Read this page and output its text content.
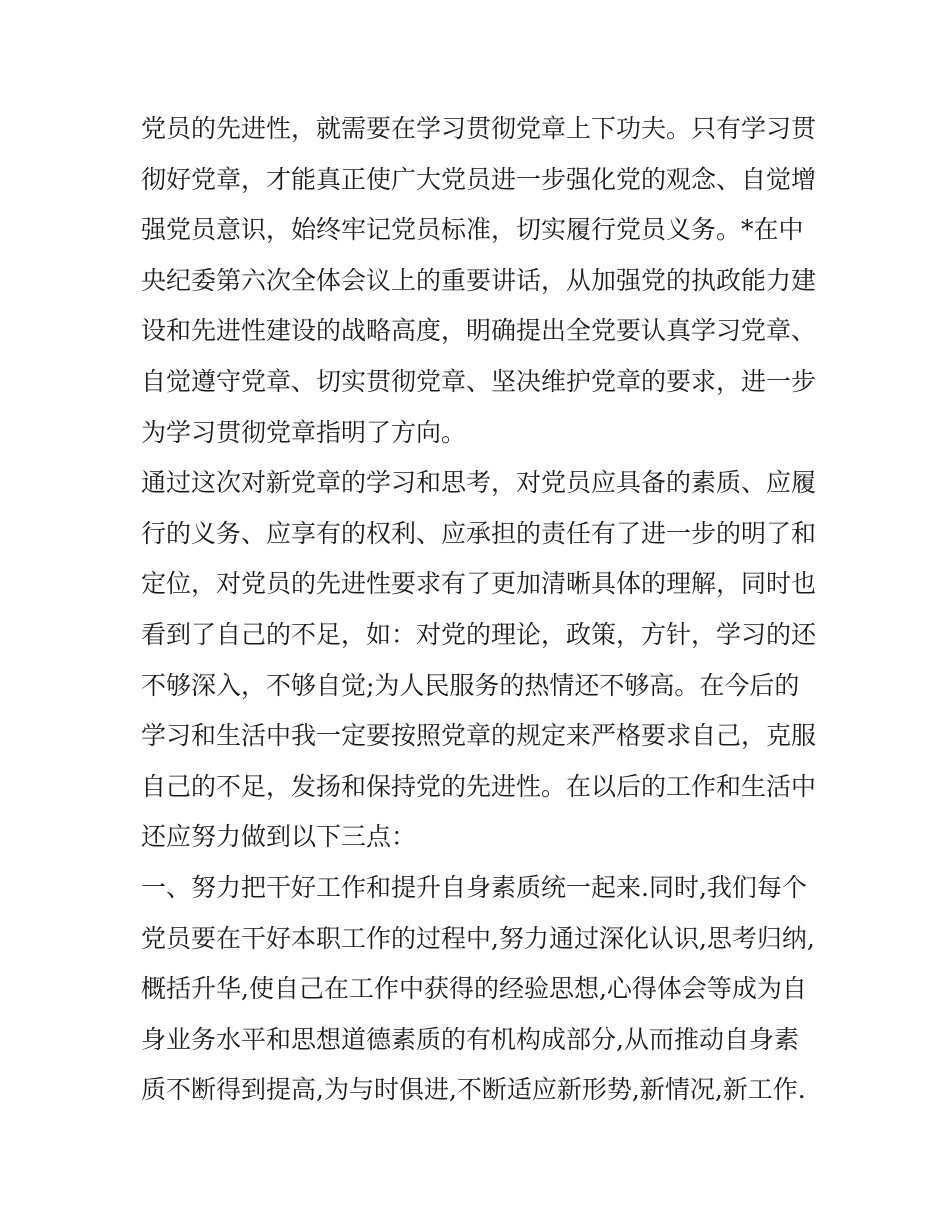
党员的先进性，就需要在学习贯彻党章上下功夫。只有学习贯
彻好党章，才能真正使广大党员进一步强化党的观念、自觉增
强党员意识，始终牢记党员标准，切实履行党员义务。*在中
央纪委第六次全体会议上的重要讲话，从加强党的执政能力建
设和先进性建设的战略高度，明确提出全党要认真学习党章、
自觉遵守党章、切实贯彻党章、坚决维护党章的要求，进一步
为学习贯彻党章指明了方向。
通过这次对新党章的学习和思考，对党员应具备的素质、应履
行的义务、应享有的权利、应承担的责任有了进一步的明了和
定位，对党员的先进性要求有了更加清晰具体的理解，同时也
看到了自己的不足，如：对党的理论，政策，方针，学习的还
不够深入，不够自觉;为人民服务的热情还不够高。在今后的
学习和生活中我一定要按照党章的规定来严格要求自己，克服
自己的不足，发扬和保持党的先进性。在以后的工作和生活中
还应努力做到以下三点：
一、努力把干好工作和提升自身素质统一起来.同时,我们每个
党员要在干好本职工作的过程中,努力通过深化认识,思考归纳,
概括升华,使自己在工作中获得的经验思想,心得体会等成为自
身业务水平和思想道德素质的有机构成部分,从而推动自身素
质不断得到提高,为与时俱进,不断适应新形势,新情况,新工作.
